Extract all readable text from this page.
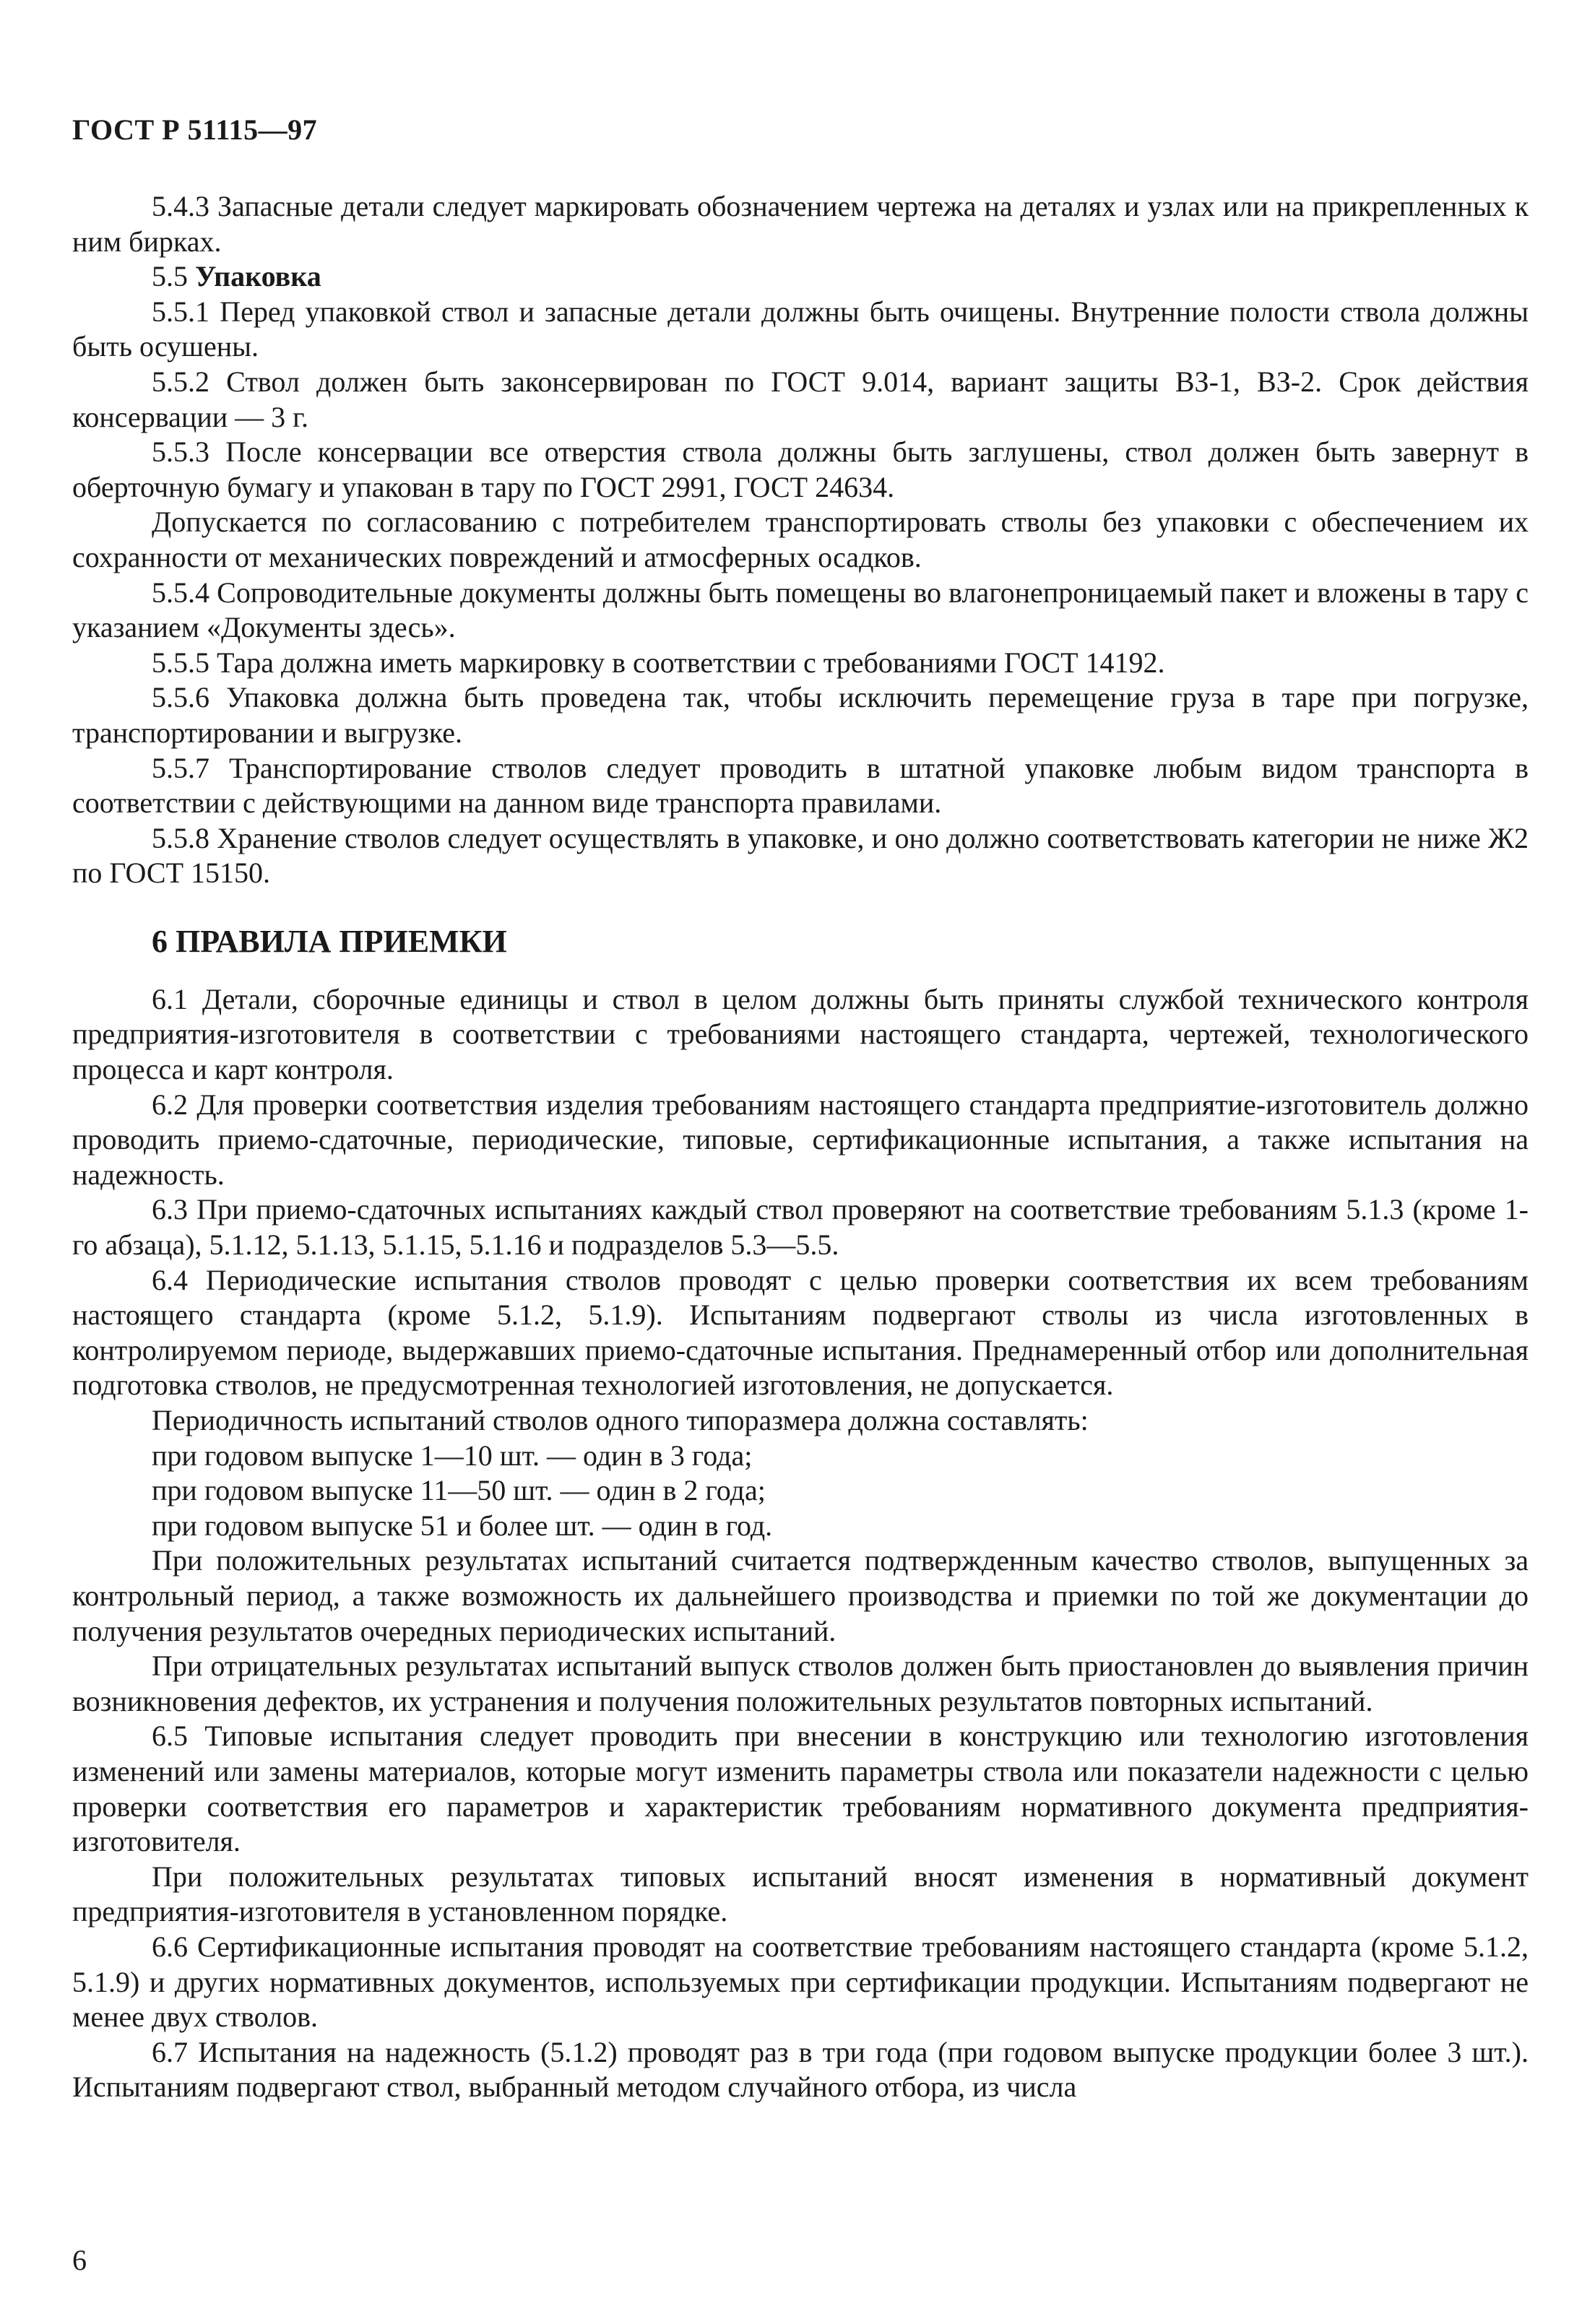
ГОСТ Р 51115—97

5.4.3 Запасные детали следует маркировать обозначением чертежа на деталях и узлах или на прикрепленных к ним бирках.

5.5 Упаковка

5.5.1 Перед упаковкой ствол и запасные детали должны быть очищены. Внутренние полости ствола должны быть осушены.

5.5.2 Ствол должен быть законсервирован по ГОСТ 9.014, вариант защиты ВЗ-1, ВЗ-2. Срок действия консервации — 3 г.

5.5.3 После консервации все отверстия ствола должны быть заглушены, ствол должен быть завернут в оберточную бумагу и упакован в тару по ГОСТ 2991, ГОСТ 24634.

Допускается по согласованию с потребителем транспортировать стволы без упаковки с обеспечением их сохранности от механических повреждений и атмосферных осадков.

5.5.4 Сопроводительные документы должны быть помещены во влагонепроницаемый пакет и вложены в тару с указанием «Документы здесь».

5.5.5 Тара должна иметь маркировку в соответствии с требованиями ГОСТ 14192.

5.5.6 Упаковка должна быть проведена так, чтобы исключить перемещение груза в таре при погрузке, транспортировании и выгрузке.

5.5.7 Транспортирование стволов следует проводить в штатной упаковке любым видом транспорта в соответствии с действующими на данном виде транспорта правилами.

5.5.8 Хранение стволов следует осуществлять в упаковке, и оно должно соответствовать категории не ниже Ж2 по ГОСТ 15150.

6 ПРАВИЛА ПРИЕМКИ

6.1 Детали, сборочные единицы и ствол в целом должны быть приняты службой технического контроля предприятия-изготовителя в соответствии с требованиями настоящего стандарта, чертежей, технологического процесса и карт контроля.

6.2 Для проверки соответствия изделия требованиям настоящего стандарта предприятие-изготовитель должно проводить приемо-сдаточные, периодические, типовые, сертификационные испытания, а также испытания на надежность.

6.3 При приемо-сдаточных испытаниях каждый ствол проверяют на соответствие требованиям 5.1.3 (кроме 1-го абзаца), 5.1.12, 5.1.13, 5.1.15, 5.1.16 и подразделов 5.3—5.5.

6.4 Периодические испытания стволов проводят с целью проверки соответствия их всем требованиям настоящего стандарта (кроме 5.1.2, 5.1.9). Испытаниям подвергают стволы из числа изготовленных в контролируемом периоде, выдержавших приемо-сдаточные испытания. Преднамеренный отбор или дополнительная подготовка стволов, не предусмотренная технологией изготовления, не допускается.

Периодичность испытаний стволов одного типоразмера должна составлять:

при годовом выпуске 1—10 шт. — один в 3 года;

при годовом выпуске 11—50 шт. — один в 2 года;

при годовом выпуске 51 и более шт. — один в год.

При положительных результатах испытаний считается подтвержденным качество стволов, выпущенных за контрольный период, а также возможность их дальнейшего производства и приемки по той же документации до получения результатов очередных периодических испытаний.

При отрицательных результатах испытаний выпуск стволов должен быть приостановлен до выявления причин возникновения дефектов, их устранения и получения положительных результатов повторных испытаний.

6.5 Типовые испытания следует проводить при внесении в конструкцию или технологию изготовления изменений или замены материалов, которые могут изменить параметры ствола или показатели надежности с целью проверки соответствия его параметров и характеристик требованиям нормативного документа предприятия-изготовителя.

При положительных результатах типовых испытаний вносят изменения в нормативный документ предприятия-изготовителя в установленном порядке.

6.6 Сертификационные испытания проводят на соответствие требованиям настоящего стандарта (кроме 5.1.2, 5.1.9) и других нормативных документов, используемых при сертификации продукции. Испытаниям подвергают не менее двух стволов.

6.7 Испытания на надежность (5.1.2) проводят раз в три года (при годовом выпуске продукции более 3 шт.). Испытаниям подвергают ствол, выбранный методом случайного отбора, из числа

6
